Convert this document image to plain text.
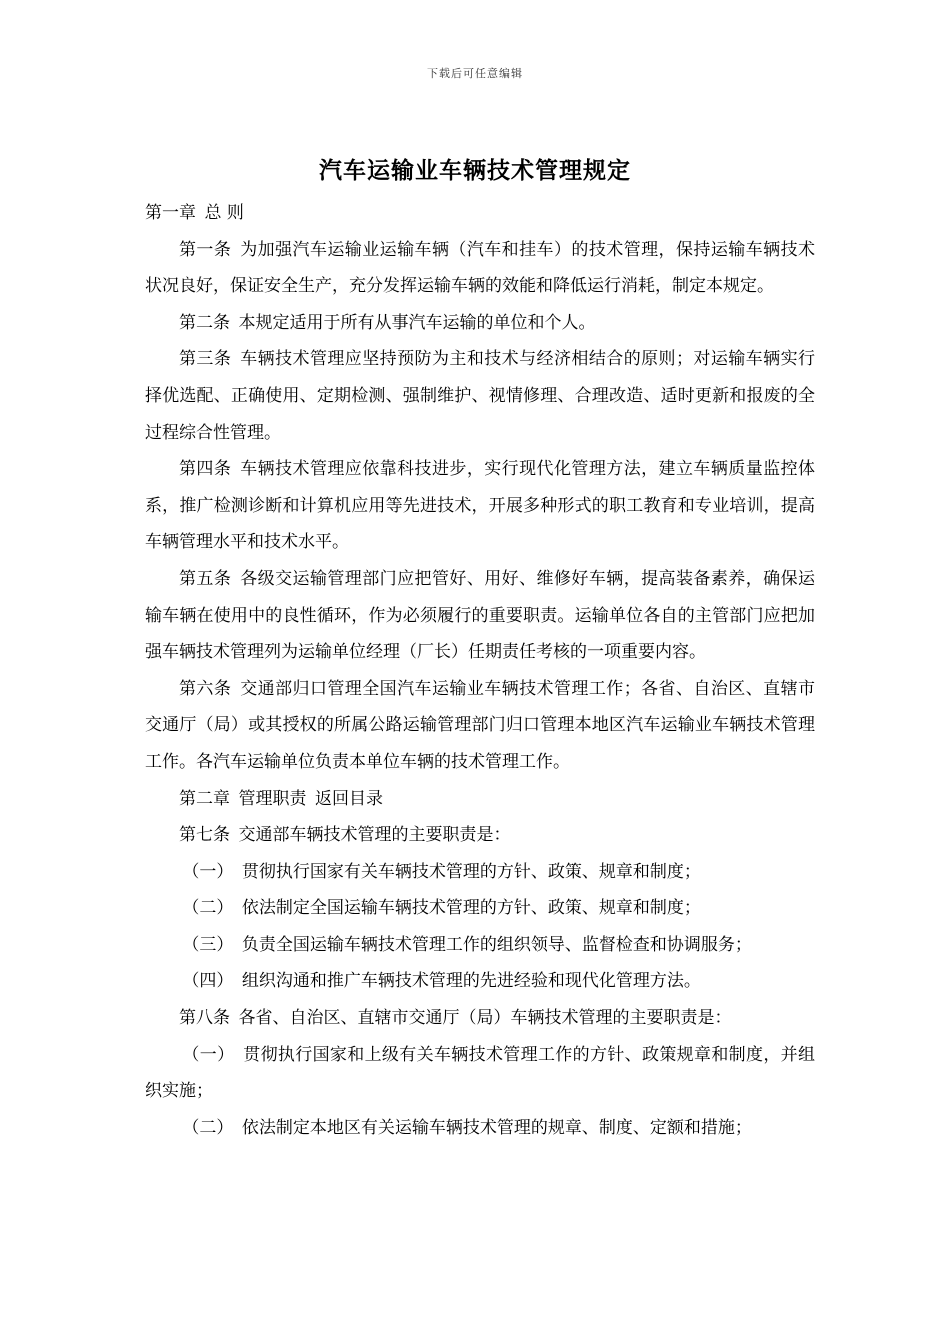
下载后可任意编辑
汽车运输业车辆技术管理规定

第一章 总 则

第一条 为加强汽车运输业运输车辆（汽车和挂车）的技术管理，保持运输车辆技术状况良好，保证安全生产，充分发挥运输车辆的效能和降低运行消耗，制定本规定。

第二条 本规定适用于所有从事汽车运输的单位和个人。

第三条 车辆技术管理应坚持预防为主和技术与经济相结合的原则；对运输车辆实行择优选配、正确使用、定期检测、强制维护、视情修理、合理改造、适时更新和报废的全过程综合性管理。

第四条 车辆技术管理应依靠科技进步，实行现代化管理方法，建立车辆质量监控体系，推广检测诊断和计算机应用等先进技术，开展多种形式的职工教育和专业培训，提高车辆管理水平和技术水平。

第五条 各级交运输管理部门应把管好、用好、维修好车辆，提高装备素养，确保运输车辆在使用中的良性循环，作为必须履行的重要职责。运输单位各自的主管部门应把加强车辆技术管理列为运输单位经理（厂长）任期责任考核的一项重要内容。

第六条 交通部归口管理全国汽车运输业车辆技术管理工作；各省、自治区、直辖市交通厅（局）或其授权的所属公路运输管理部门归口管理本地区汽车运输业车辆技术管理工作。各汽车运输单位负责本单位车辆的技术管理工作。

第二章 管理职责 返回目录

第七条 交通部车辆技术管理的主要职责是：

（一） 贯彻执行国家有关车辆技术管理的方针、政策、规章和制度；

（二） 依法制定全国运输车辆技术管理的方针、政策、规章和制度；

（三） 负责全国运输车辆技术管理工作的组织领导、监督检查和协调服务；

（四） 组织沟通和推广车辆技术管理的先进经验和现代化管理方法。

第八条 各省、自治区、直辖市交通厅（局）车辆技术管理的主要职责是：

（一） 贯彻执行国家和上级有关车辆技术管理工作的方针、政策规章和制度，并组织实施；

（二） 依法制定本地区有关运输车辆技术管理的规章、制度、定额和措施；
